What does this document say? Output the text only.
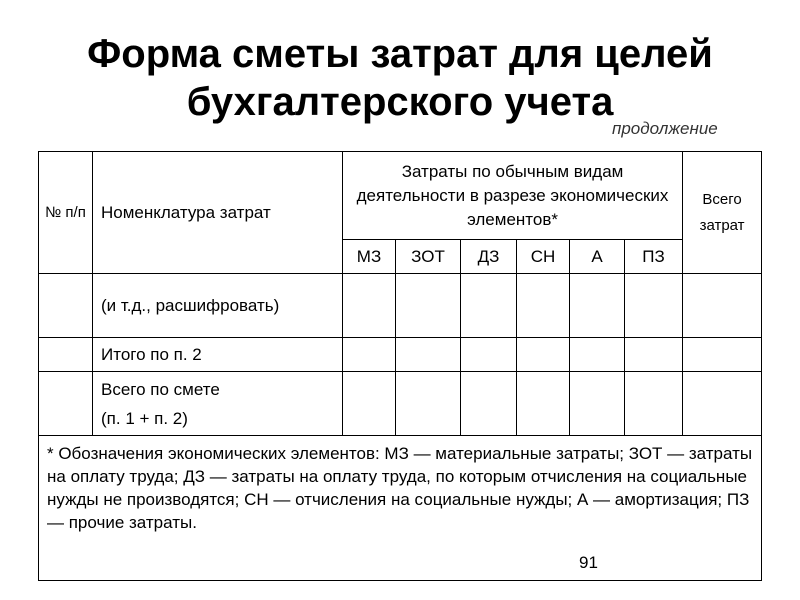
Форма сметы затрат для целей
бухгалтерского учета
продолжение
№ п/п	Номенклатура затрат	Затраты по обычным видам деятельности в разрезе экономических элементов*						Всего затрат
		МЗ	ЗОТ	ДЗ	СН	А	ПЗ	
	(и т.д., расшифровать)							
	Итого по п. 2							

	Всего по смете
(п. 1 + п. 2)							

* Обозначения экономических элементов: МЗ — материальные затраты; ЗОТ — затраты на оплату труда; ДЗ — затраты на оплату труда, по которым отчисления на социальные нужды не производятся; СН — отчисления на социальные нужды; А — амортизация; ПЗ — прочие затраты.
91								
